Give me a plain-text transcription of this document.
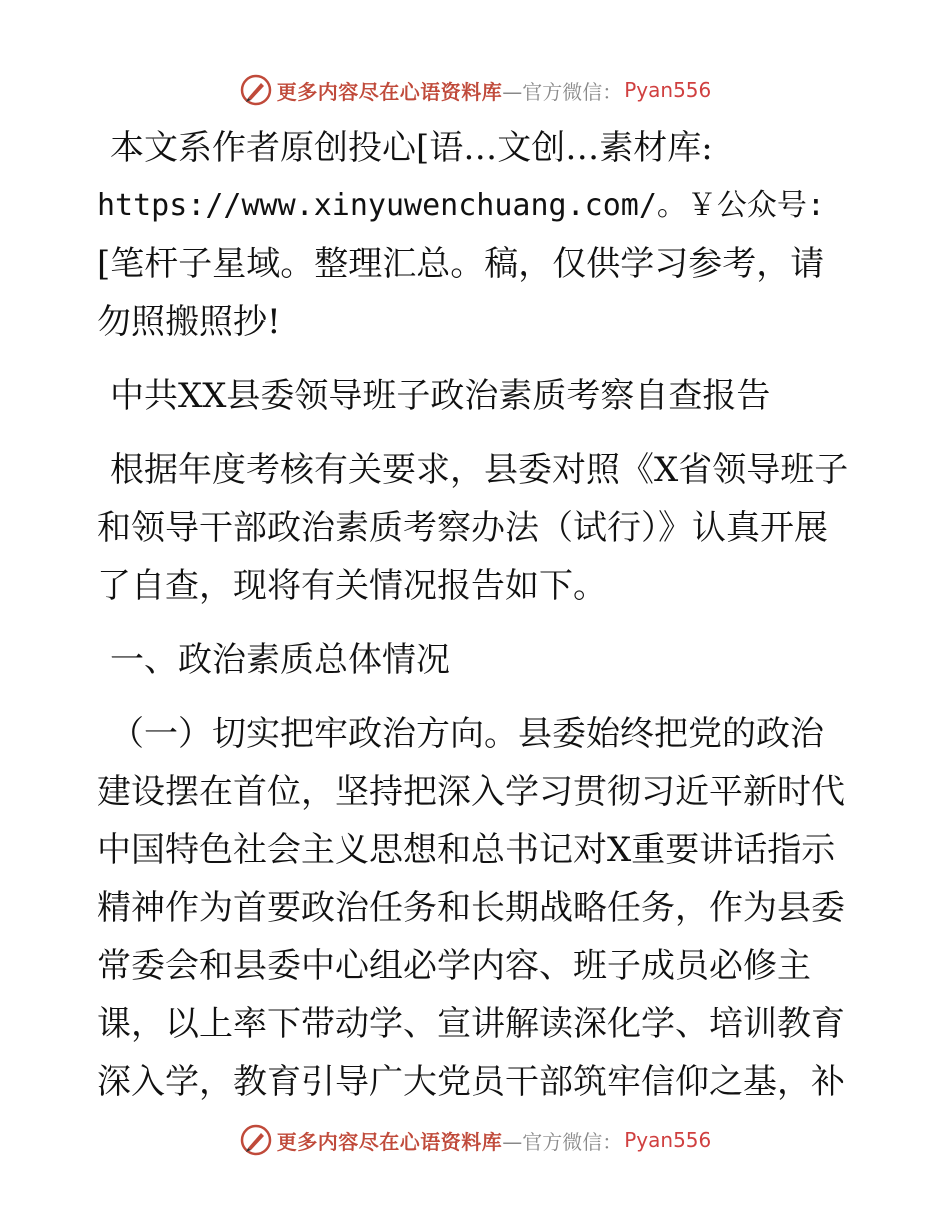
更多内容尽在心语资料库 —官方微信： Pyan556
本文系作者原创投心[语…文创…素材库:
https://www.xinyuwenchuang.com/。￥公众号:
[笔杆子星域。整理汇总。稿，仅供学习参考，请
勿照搬照抄!
中共XX县委领导班子政治素质考察自查报告
根据年度考核有关要求，县委对照《X省领导班子
和领导干部政治素质考察办法（试行）》认真开展
了自查，现将有关情况报告如下。
一、政治素质总体情况
（一）切实把牢政治方向。县委始终把党的政治
建设摆在首位，坚持把深入学习贯彻习近平新时代
中国特色社会主义思想和总书记对X重要讲话指示
精神作为首要政治任务和长期战略任务，作为县委
常委会和县委中心组必学内容、班子成员必修主
课，以上率下带动学、宣讲解读深化学、培训教育
深入学，教育引导广大党员干部筑牢信仰之基，补
更多内容尽在心语资料库 —官方微信： Pyan556
